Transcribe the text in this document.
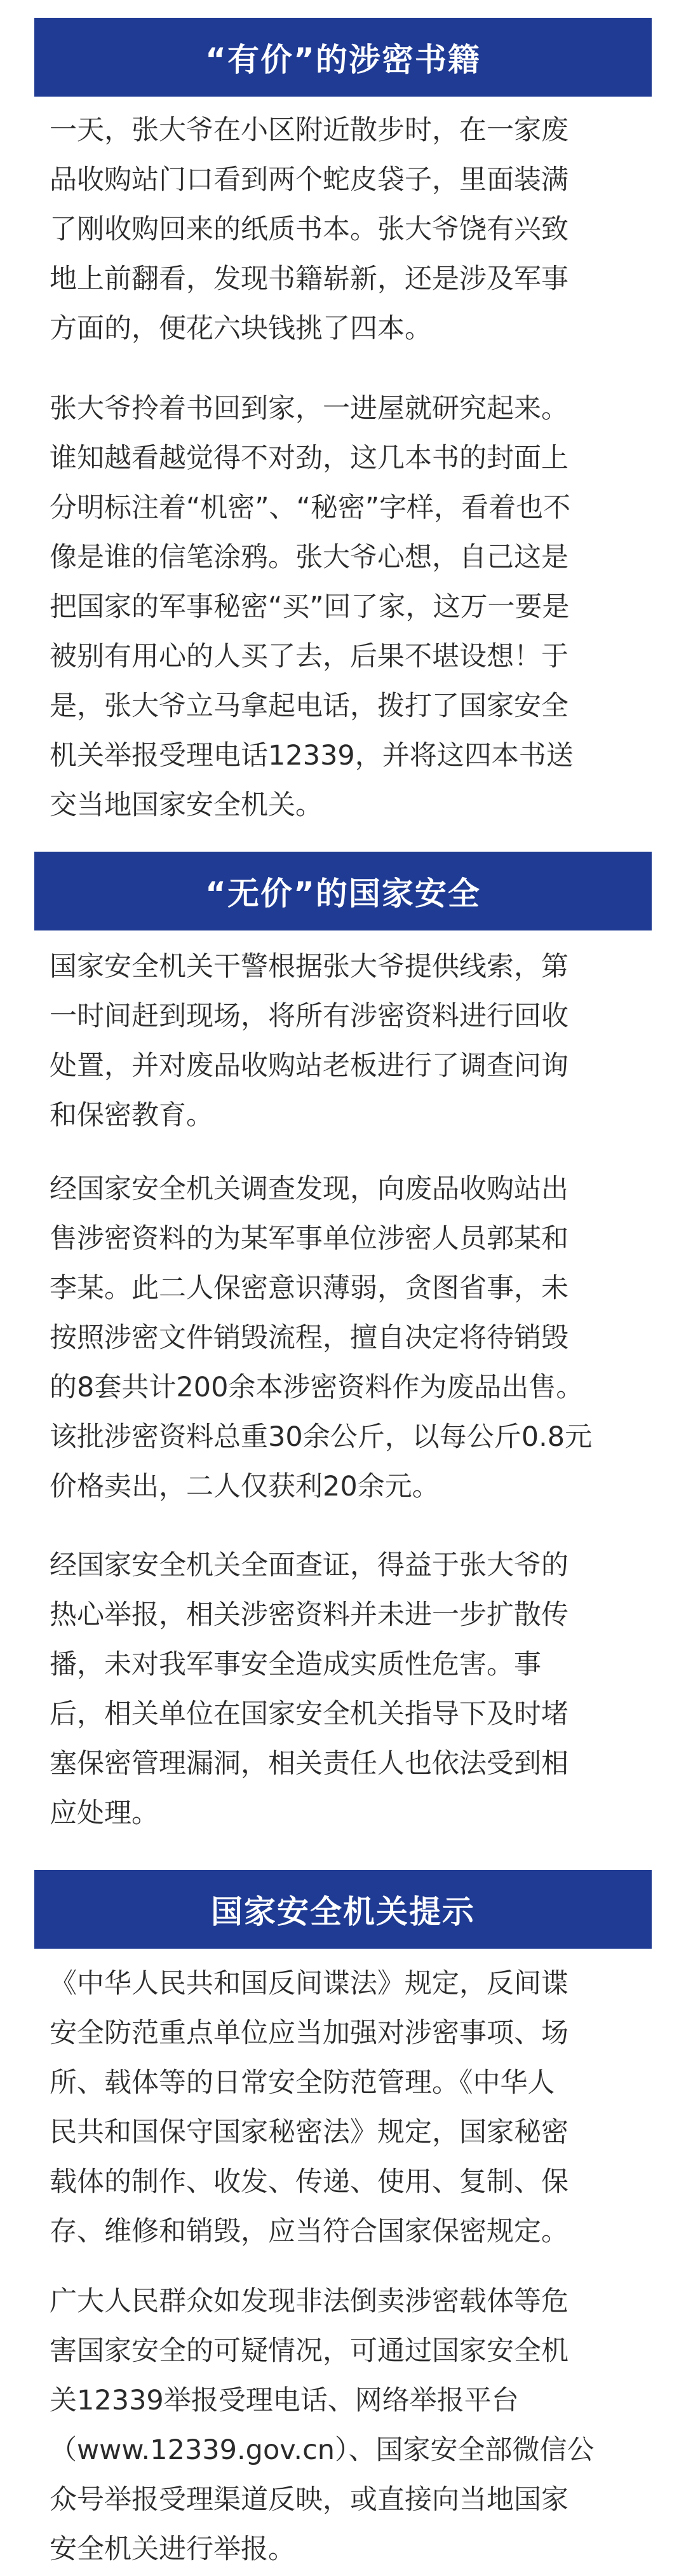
“有价”的涉密书籍

一天，张大爷在小区附近散步时，在一家废
品收购站门口看到两个蛇皮袋子，里面装满
了刚收购回来的纸质书本。张大爷饶有兴致
地上前翻看，发现书籍崭新，还是涉及军事
方面的，便花六块钱挑了四本。

张大爷拎着书回到家，一进屋就研究起来。
谁知越看越觉得不对劲，这几本书的封面上
分明标注着“机密”、“秘密”字样，看着也不
像是谁的信笔涂鸦。张大爷心想，自己这是
把国家的军事秘密“买”回了家，这万一要是
被别有用心的人买了去，后果不堪设想！于
是，张大爷立马拿起电话，拨打了国家安全
机关举报受理电话12339，并将这四本书送
交当地国家安全机关。

“无价”的国家安全

国家安全机关干警根据张大爷提供线索，第
一时间赶到现场，将所有涉密资料进行回收
处置，并对废品收购站老板进行了调查问询
和保密教育。

经国家安全机关调查发现，向废品收购站出
售涉密资料的为某军事单位涉密人员郭某和
李某。此二人保密意识薄弱，贪图省事，未
按照涉密文件销毁流程，擅自决定将待销毁
的8套共计200余本涉密资料作为废品出售。
该批涉密资料总重30余公斤，以每公斤0.8元
价格卖出，二人仅获利20余元。

经国家安全机关全面查证，得益于张大爷的
热心举报，相关涉密资料并未进一步扩散传
播，未对我军事安全造成实质性危害。事
后，相关单位在国家安全机关指导下及时堵
塞保密管理漏洞，相关责任人也依法受到相
应处理。

国家安全机关提示

《中华人民共和国反间谍法》规定，反间谍
安全防范重点单位应当加强对涉密事项、场
所、载体等的日常安全防范管理。《中华人
民共和国保守国家秘密法》规定，国家秘密
载体的制作、收发、传递、使用、复制、保
存、维修和销毁，应当符合国家保密规定。

广大人民群众如发现非法倒卖涉密载体等危
害国家安全的可疑情况，可通过国家安全机
关12339举报受理电话、网络举报平台
（www.12339.gov.cn）、国家安全部微信公
众号举报受理渠道反映，或直接向当地国家
安全机关进行举报。
